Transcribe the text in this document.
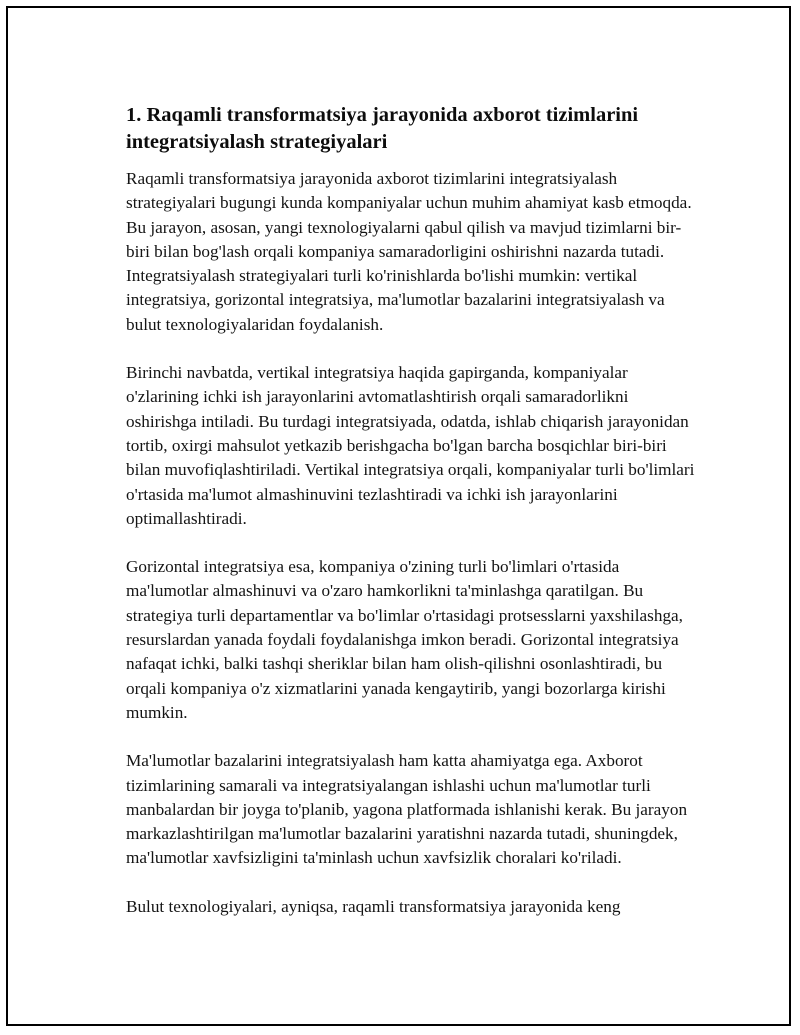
1. Raqamli transformatsiya jarayonida axborot tizimlarini integratsiyalash strategiyalari

Raqamli transformatsiya jarayonida axborot tizimlarini integratsiyalash strategiyalari bugungi kunda kompaniyalar uchun muhim ahamiyat kasb etmoqda. Bu jarayon, asosan, yangi texnologiyalarni qabul qilish va mavjud tizimlarni bir-biri bilan bog'lash orqali kompaniya samaradorligini oshirishni nazarda tutadi. Integratsiyalash strategiyalari turli ko'rinishlarda bo'lishi mumkin: vertikal integratsiya, gorizontal integratsiya, ma'lumotlar bazalarini integratsiyalash va bulut texnologiyalaridan foydalanish.

Birinchi navbatda, vertikal integratsiya haqida gapirganda, kompaniyalar o'zlarining ichki ish jarayonlarini avtomatlashtirish orqali samaradorlikni oshirishga intiladi. Bu turdagi integratsiyada, odatda, ishlab chiqarish jarayonidan tortib, oxirgi mahsulot yetkazib berishgacha bo'lgan barcha bosqichlar biri-biri bilan muvofiqlashtiriladi. Vertikal integratsiya orqali, kompaniyalar turli bo'limlari o'rtasida ma'lumot almashinuvini tezlashtiradi va ichki ish jarayonlarini optimallashtiradi.

Gorizontal integratsiya esa, kompaniya o'zining turli bo'limlari o'rtasida ma'lumotlar almashinuvi va o'zaro hamkorlikni ta'minlashga qaratilgan. Bu strategiya turli departamentlar va bo'limlar o'rtasidagi protsesslarni yaxshilashga, resurslardan yanada foydali foydalanishga imkon beradi. Gorizontal integratsiya nafaqat ichki, balki tashqi sheriklar bilan ham olish-qilishni osonlashtiradi, bu orqali kompaniya o'z xizmatlarini yanada kengaytirib, yangi bozorlarga kirishi mumkin.

Ma'lumotlar bazalarini integratsiyalash ham katta ahamiyatga ega. Axborot tizimlarining samarali va integratsiyalangan ishlashi uchun ma'lumotlar turli manbalardan bir joyga to'planib, yagona platformada ishlanishi kerak. Bu jarayon markazlashtirilgan ma'lumotlar bazalarini yaratishni nazarda tutadi, shuningdek, ma'lumotlar xavfsizligini ta'minlash uchun xavfsizlik choralari ko'riladi.

Bulut texnologiyalari, ayniqsa, raqamli transformatsiya jarayonida keng
